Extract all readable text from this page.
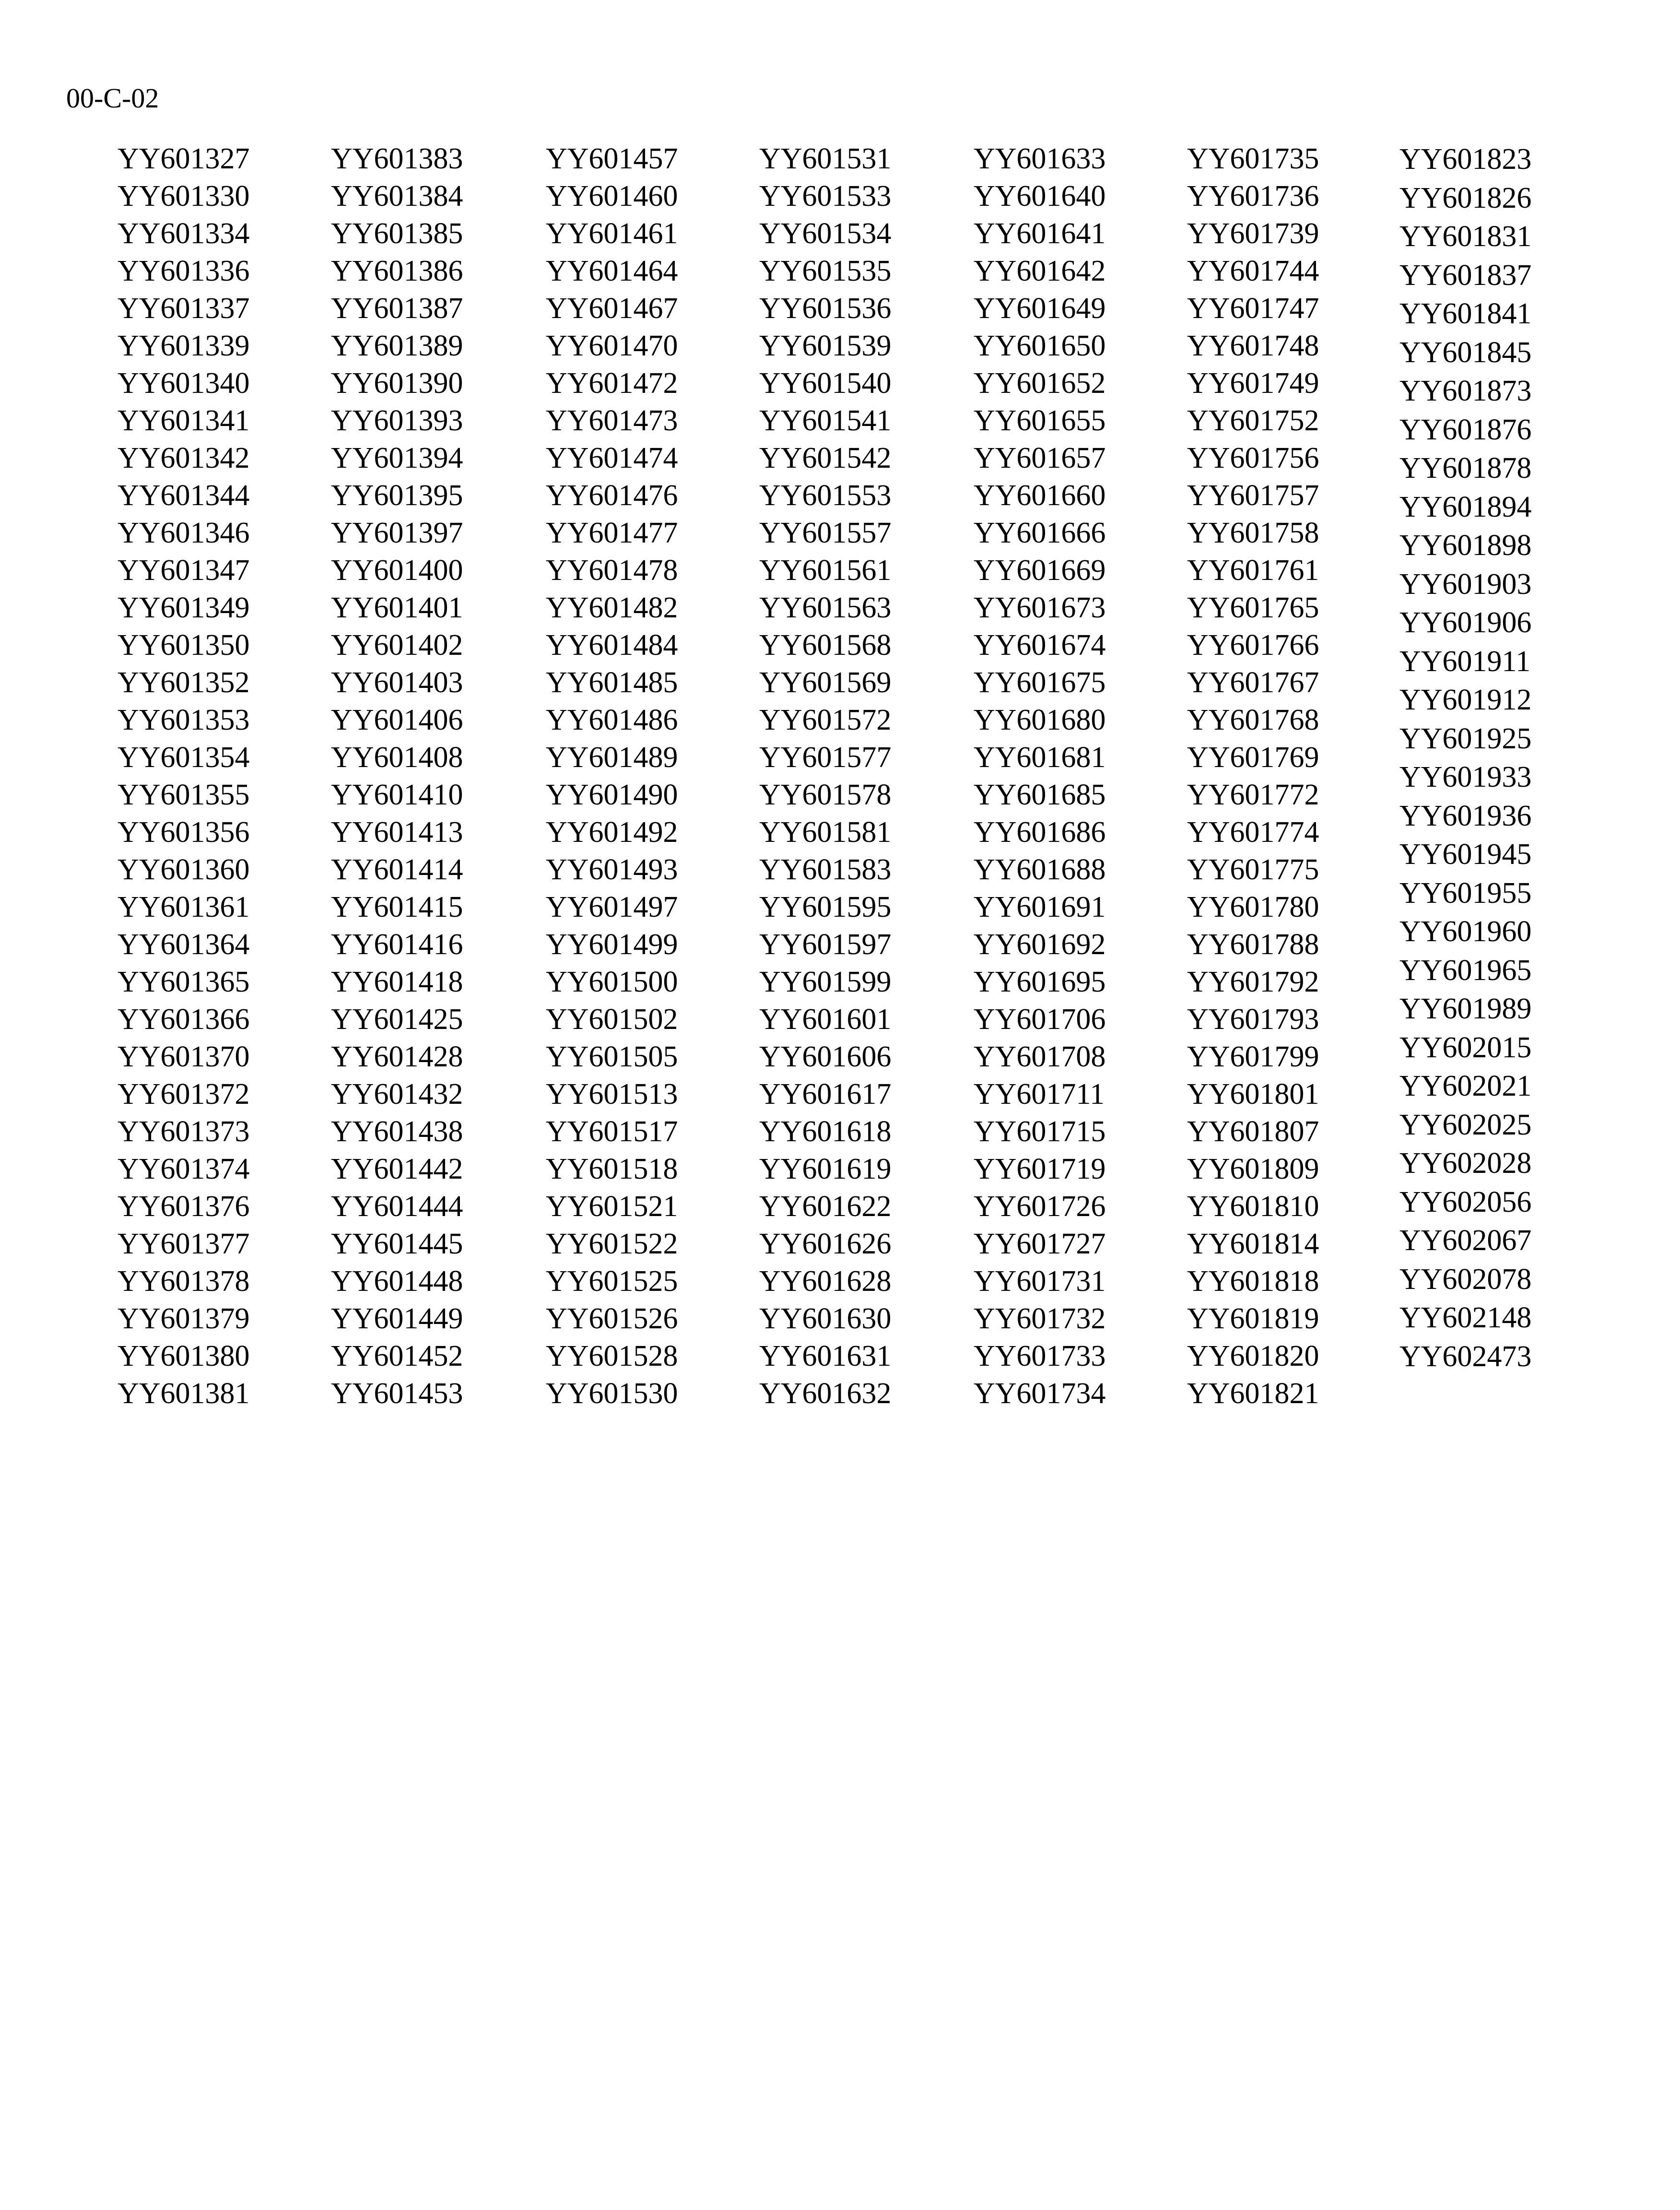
00-C-02
YY601327
YY601330
YY601334
YY601336
YY601337
YY601339
YY601340
YY601341
YY601342
YY601344
YY601346
YY601347
YY601349
YY601350
YY601352
YY601353
YY601354
YY601355
YY601356
YY601360
YY601361
YY601364
YY601365
YY601366
YY601370
YY601372
YY601373
YY601374
YY601376
YY601377
YY601378
YY601379
YY601380
YY601381
YY601383
YY601384
YY601385
YY601386
YY601387
YY601389
YY601390
YY601393
YY601394
YY601395
YY601397
YY601400
YY601401
YY601402
YY601403
YY601406
YY601408
YY601410
YY601413
YY601414
YY601415
YY601416
YY601418
YY601425
YY601428
YY601432
YY601438
YY601442
YY601444
YY601445
YY601448
YY601449
YY601452
YY601453
YY601457
YY601460
YY601461
YY601464
YY601467
YY601470
YY601472
YY601473
YY601474
YY601476
YY601477
YY601478
YY601482
YY601484
YY601485
YY601486
YY601489
YY601490
YY601492
YY601493
YY601497
YY601499
YY601500
YY601502
YY601505
YY601513
YY601517
YY601518
YY601521
YY601522
YY601525
YY601526
YY601528
YY601530
YY601531
YY601533
YY601534
YY601535
YY601536
YY601539
YY601540
YY601541
YY601542
YY601553
YY601557
YY601561
YY601563
YY601568
YY601569
YY601572
YY601577
YY601578
YY601581
YY601583
YY601595
YY601597
YY601599
YY601601
YY601606
YY601617
YY601618
YY601619
YY601622
YY601626
YY601628
YY601630
YY601631
YY601632
YY601633
YY601640
YY601641
YY601642
YY601649
YY601650
YY601652
YY601655
YY601657
YY601660
YY601666
YY601669
YY601673
YY601674
YY601675
YY601680
YY601681
YY601685
YY601686
YY601688
YY601691
YY601692
YY601695
YY601706
YY601708
YY601711
YY601715
YY601719
YY601726
YY601727
YY601731
YY601732
YY601733
YY601734
YY601735
YY601736
YY601739
YY601744
YY601747
YY601748
YY601749
YY601752
YY601756
YY601757
YY601758
YY601761
YY601765
YY601766
YY601767
YY601768
YY601769
YY601772
YY601774
YY601775
YY601780
YY601788
YY601792
YY601793
YY601799
YY601801
YY601807
YY601809
YY601810
YY601814
YY601818
YY601819
YY601820
YY601821
YY601823
YY601826
YY601831
YY601837
YY601841
YY601845
YY601873
YY601876
YY601878
YY601894
YY601898
YY601903
YY601906
YY601911
YY601912
YY601925
YY601933
YY601936
YY601945
YY601955
YY601960
YY601965
YY601989
YY602015
YY602021
YY602025
YY602028
YY602056
YY602067
YY602078
YY602148
YY602473
